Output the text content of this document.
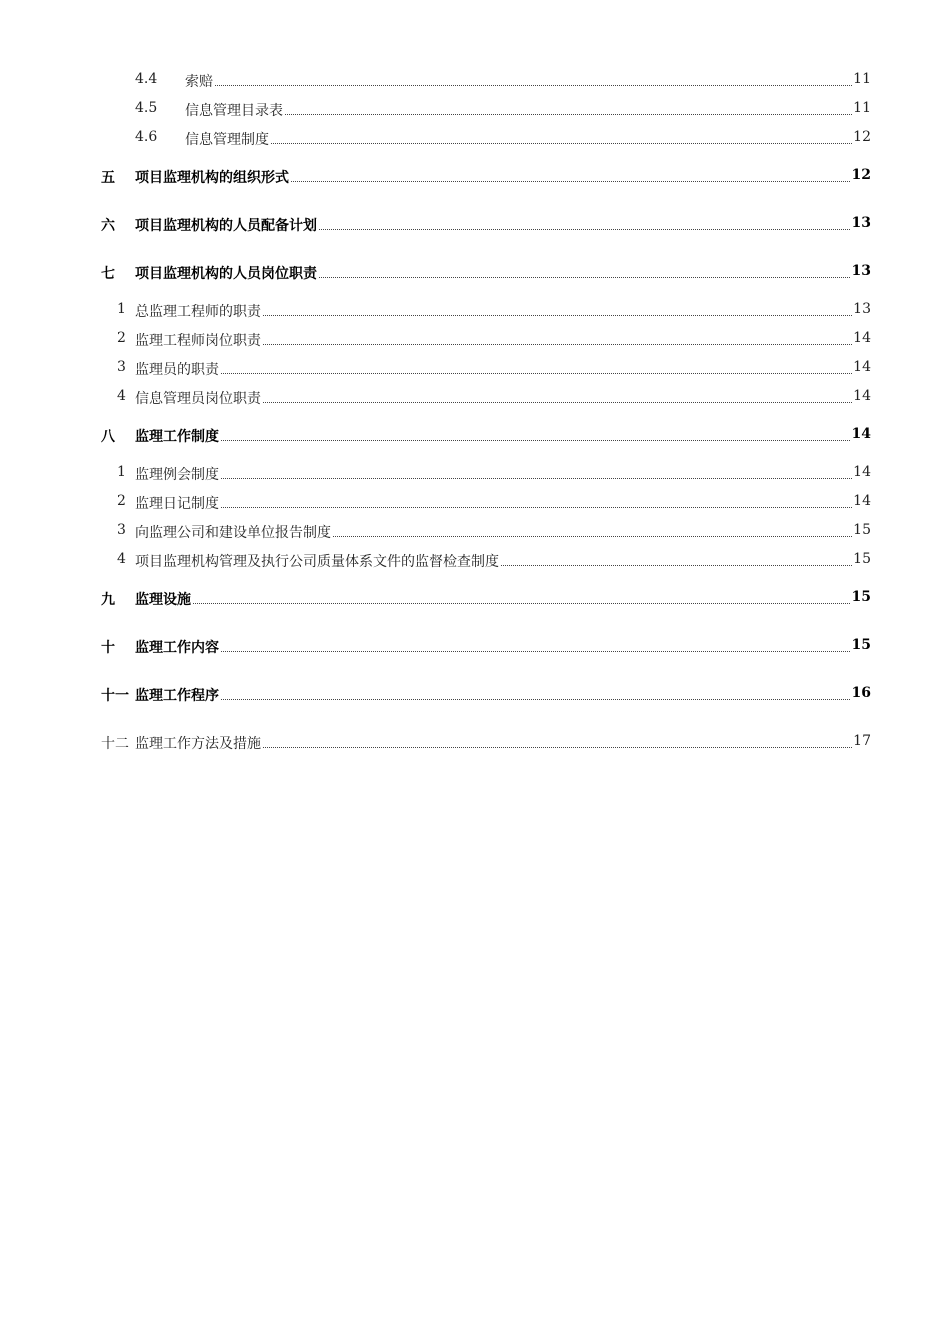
4.4 索赔	11
4.5 信息管理目录表	11
4.6 信息管理制度	12
五 项目监理机构的组织形式	12
六 项目监理机构的人员配备计划	13
七 项目监理机构的人员岗位职责	13
1 总监理工程师的职责	13
2 监理工程师岗位职责	14
3 监理员的职责	14
4 信息管理员岗位职责	14
八 监理工作制度	14
1 监理例会制度	14
2 监理日记制度	14
3 向监理公司和建设单位报告制度	15
4 项目监理机构管理及执行公司质量体系文件的监督检查制度	15
九 监理设施	15
十 监理工作内容	15
十一 监理工作程序	16
十二 监理工作方法及措施	17
